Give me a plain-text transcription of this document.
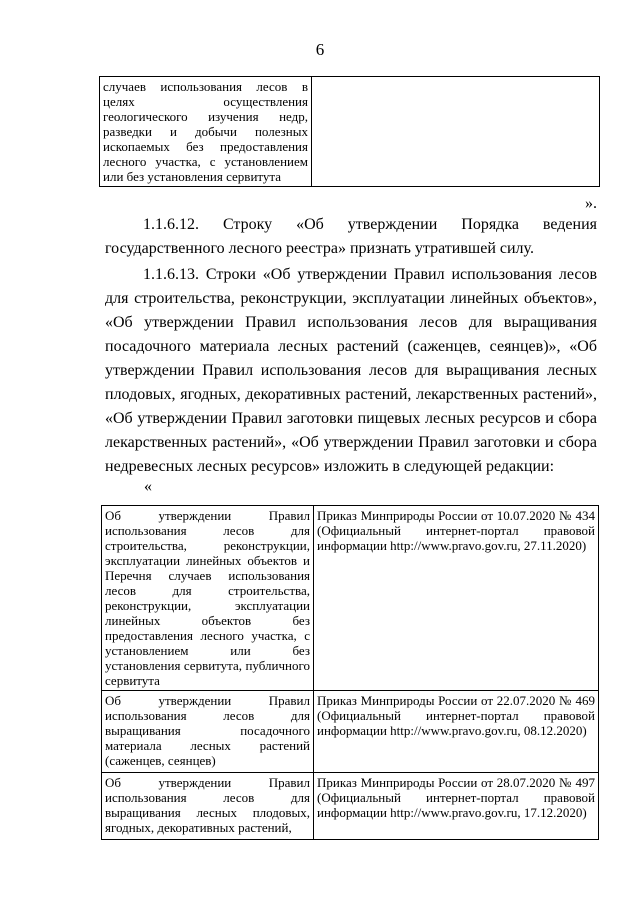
6
случаев использования лесов в целях осуществления геологического изучения недр, разведки и добычи полезных ископаемых без предоставления лесного участка, с установлением или без установления сервитута	
».

1.1.6.12. Строку «Об утверждении Порядка ведения государственного лесного реестра» признать утратившей силу.

1.1.6.13. Строки «Об утверждении Правил использования лесов для строительства, реконструкции, эксплуатации линейных объектов», «Об утверждении Правил использования лесов для выращивания посадочного материала лесных растений (саженцев, сеянцев)», «Об утверждении Правил использования лесов для выращивания лесных плодовых, ягодных, декоративных растений, лекарственных растений», «Об утверждении Правил заготовки пищевых лесных ресурсов и сбора лекарственных растений», «Об утверждении Правил заготовки и сбора недревесных лесных ресурсов» изложить в следующей редакции:

«
Об утверждении Правил использования лесов для строительства, реконструкции, эксплуатации линейных объектов и Перечня случаев использования лесов для строительства, реконструкции, эксплуатации линейных объектов без предоставления лесного участка, с установлением или без установления сервитута, публичного сервитута	Приказ Минприроды России от 10.07.2020 № 434 (Официальный интернет-портал правовой информации http://www.pravo.gov.ru, 27.11.2020)
Об утверждении Правил использования лесов для выращивания посадочного материала лесных растений (саженцев, сеянцев)	Приказ Минприроды России от 22.07.2020 № 469 (Официальный интернет-портал правовой информации http://www.pravo.gov.ru, 08.12.2020)
Об утверждении Правил использования лесов для выращивания лесных плодовых, ягодных, декоративных растений,	Приказ Минприроды России от 28.07.2020 № 497 (Официальный интернет-портал правовой информации http://www.pravo.gov.ru, 17.12.2020)
